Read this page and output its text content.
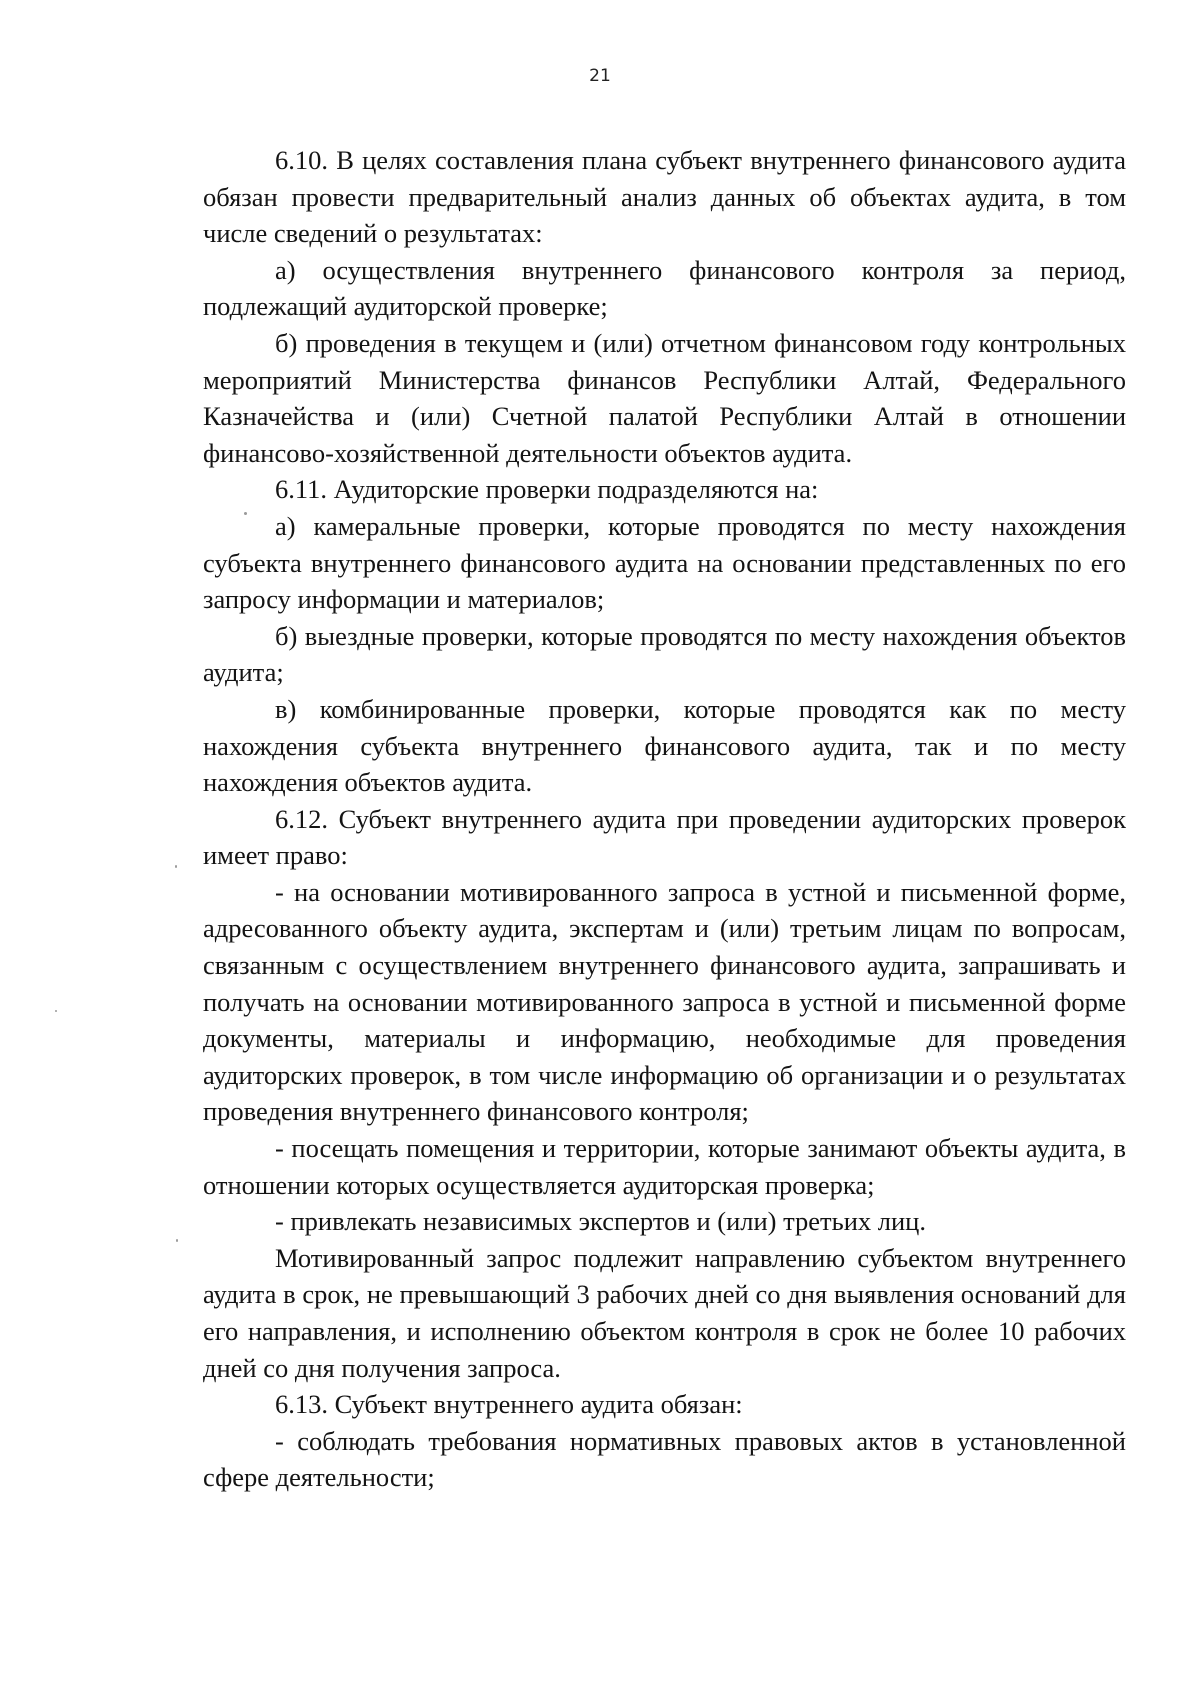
21

6.10. В целях составления плана субъект внутреннего финансового аудита обязан провести предварительный анализ данных об объектах аудита, в том числе сведений о результатах:

а) осуществления внутреннего финансового контроля за период, подлежащий аудиторской проверке;

б) проведения в текущем и (или) отчетном финансовом году контрольных мероприятий Министерства финансов Республики Алтай, Федерального Казначейства и (или) Счетной палатой Республики Алтай в отношении финансово-хозяйственной деятельности объектов аудита.

6.11. Аудиторские проверки подразделяются на:

а) камеральные проверки, которые проводятся по месту нахождения субъекта внутреннего финансового аудита на основании представленных по его запросу информации и материалов;

б) выездные проверки, которые проводятся по месту нахождения объектов аудита;

в) комбинированные проверки, которые проводятся как по месту нахождения субъекта внутреннего финансового аудита, так и по месту нахождения объектов аудита.

6.12. Субъект внутреннего аудита при проведении аудиторских проверок имеет право:

- на основании мотивированного запроса в устной и письменной форме, адресованного объекту аудита, экспертам и (или) третьим лицам по вопросам, связанным с осуществлением внутреннего финансового аудита, запрашивать и получать на основании мотивированного запроса в устной и письменной форме документы, материалы и информацию, необходимые для проведения аудиторских проверок, в том числе информацию об организации и о результатах проведения внутреннего финансового контроля;

- посещать помещения и территории, которые занимают объекты аудита, в отношении которых осуществляется аудиторская проверка;

- привлекать независимых экспертов и (или) третьих лиц.

Мотивированный запрос подлежит направлению субъектом внутреннего аудита в срок, не превышающий 3 рабочих дней со дня выявления оснований для его направления, и исполнению объектом контроля в срок не более 10 рабочих дней со дня получения запроса.

6.13. Субъект внутреннего аудита обязан:

- соблюдать требования нормативных правовых актов в установленной сфере деятельности;
